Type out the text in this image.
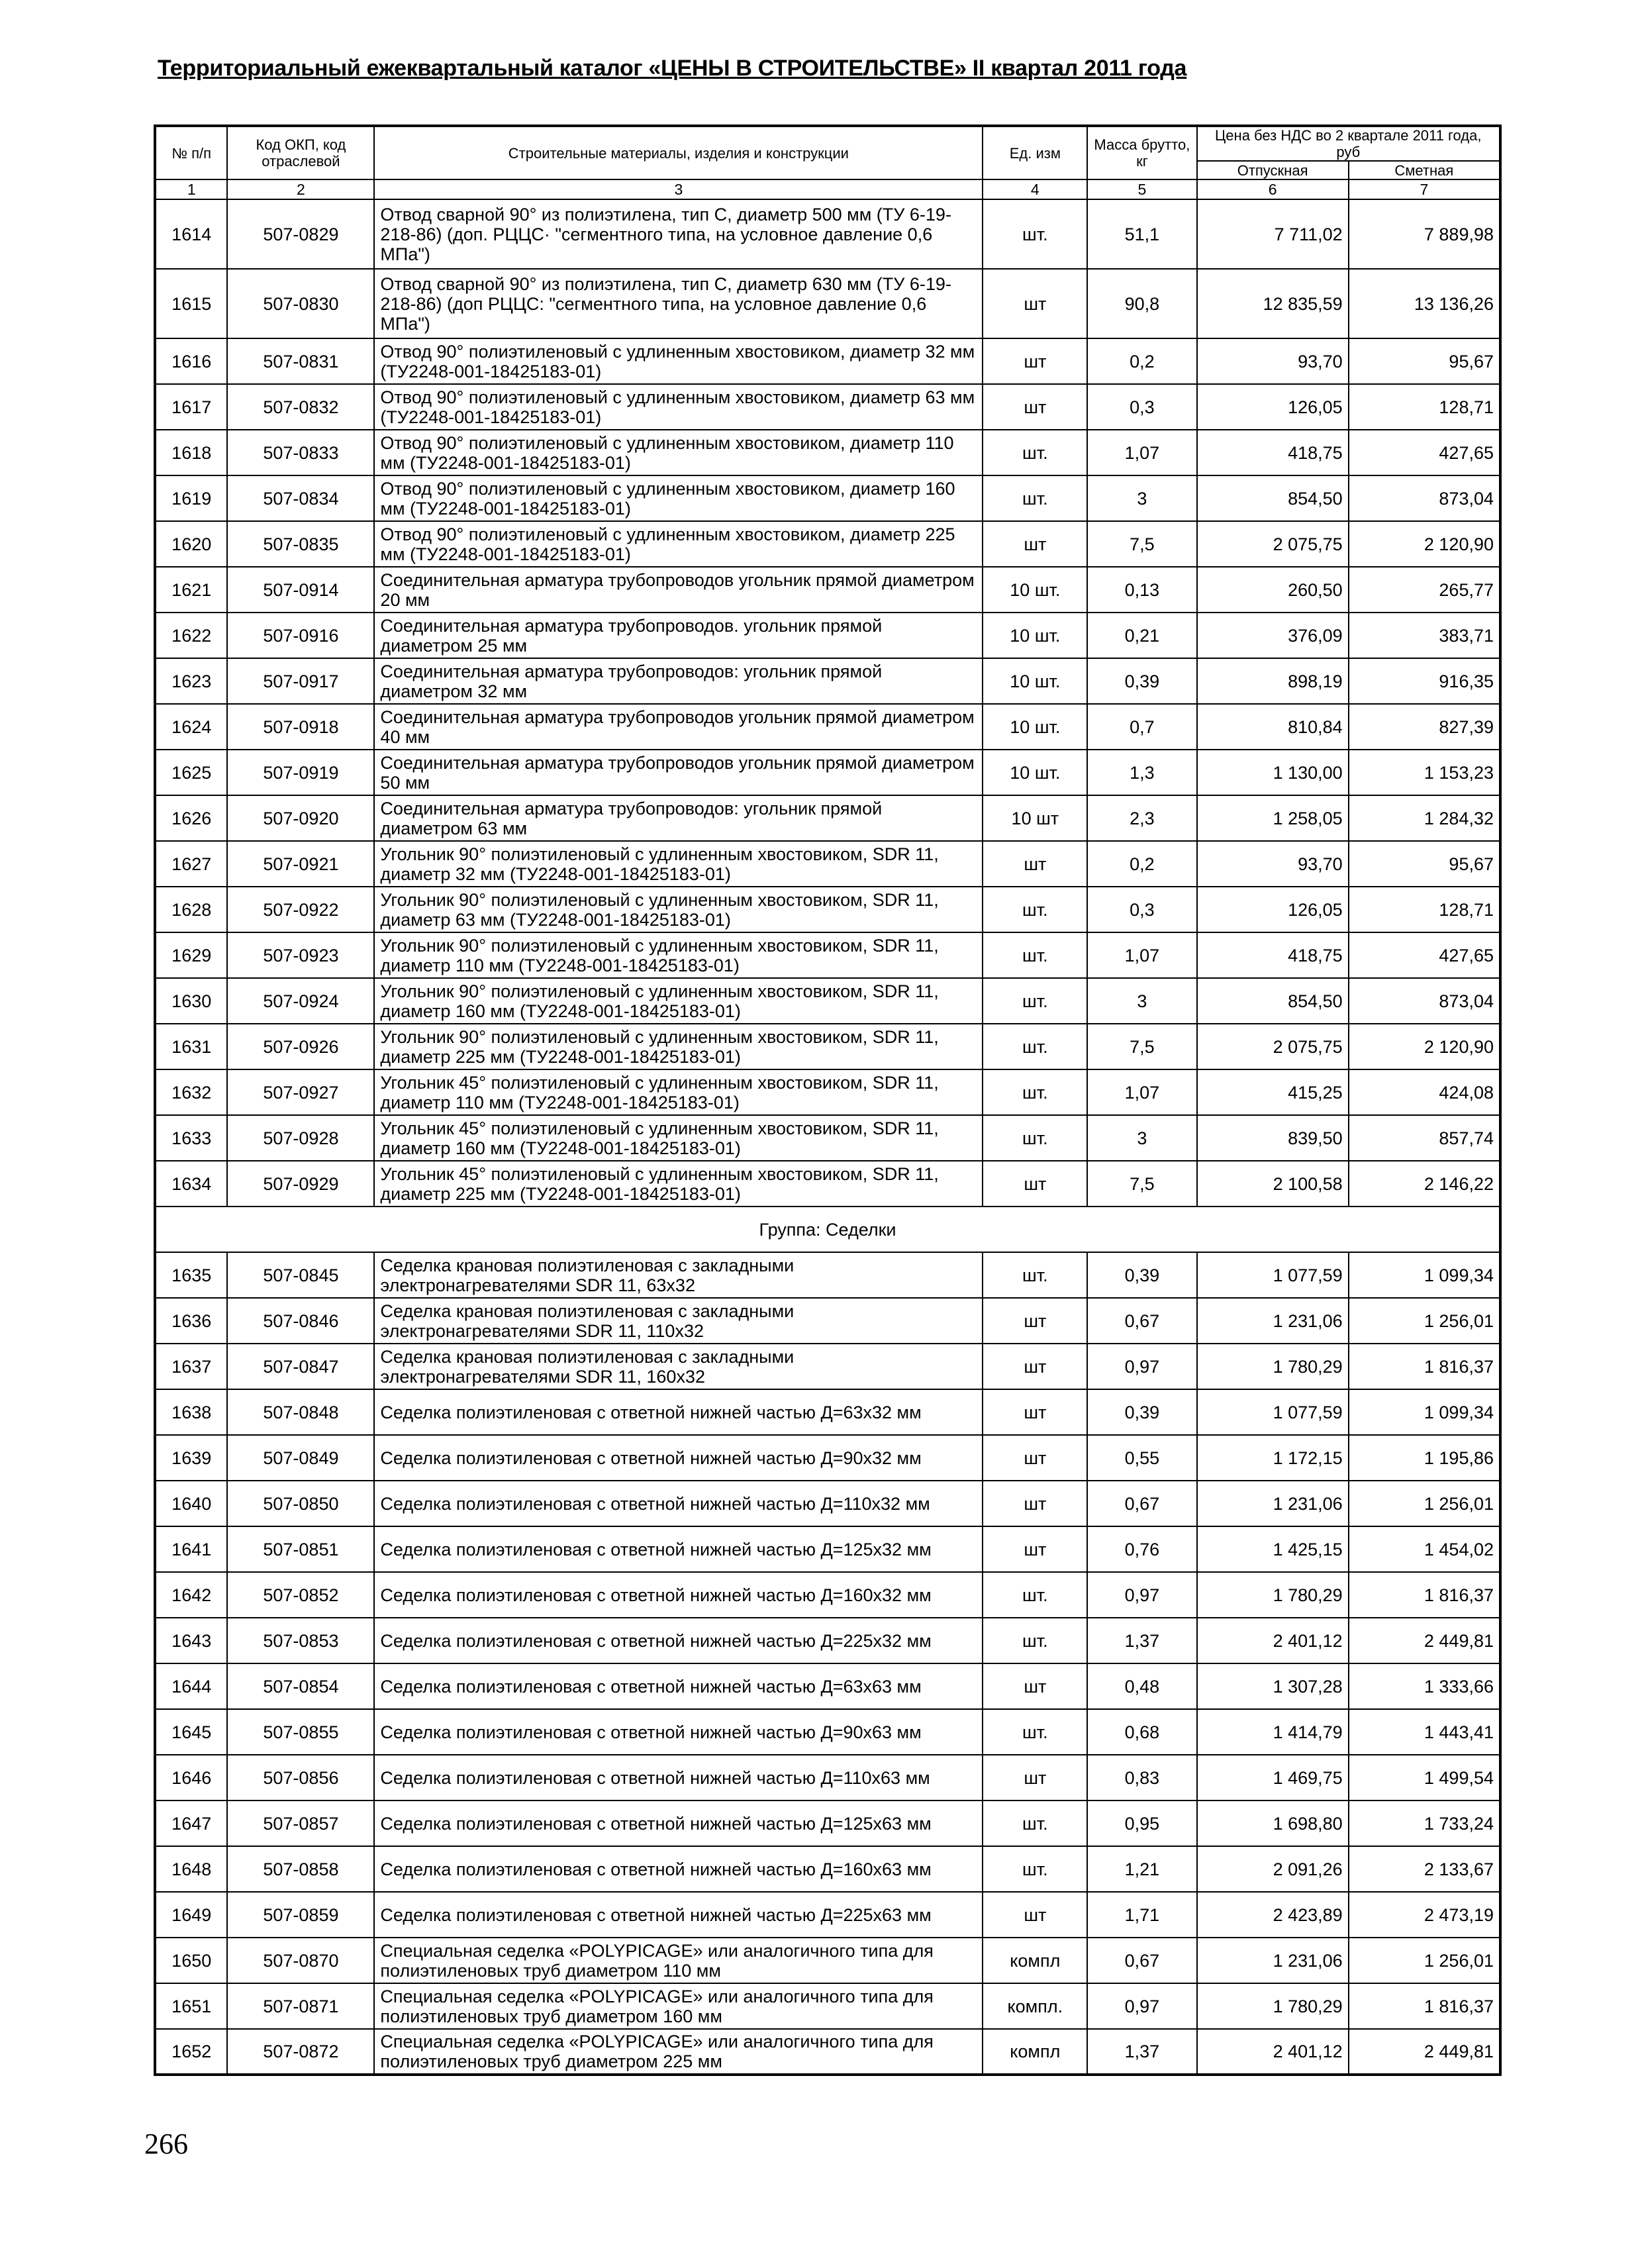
Территориальный ежеквартальный каталог «ЦЕНЫ В СТРОИТЕЛЬСТВЕ» II квартал 2011 года
№ п/п	Код ОКП, код отраслевой	Строительные материалы, изделия и конструкции	Ед. изм	Масса брутто, кг	Цена без НДС во 2 квартале 2011 года, руб	
					Отпускная	Сметная
1	2	3	4	5	6	7
1614	507-0829	Отвод сварной 90° из полиэтилена, тип С, диаметр 500 мм (ТУ 6-19-218-86) (доп. РЦЦС· "сегментного типа, на условное давление 0,6 МПа")	шт.	51,1	7 711,02	7 889,98
1615	507-0830	Отвод сварной 90° из полиэтилена, тип С, диаметр 630 мм (ТУ 6-19-218-86) (доп РЦЦС: "сегментного типа, на условное давление 0,6 МПа")	шт	90,8	12 835,59	13 136,26
1616	507-0831	Отвод 90° полиэтиленовый с удлиненным хвостовиком, диаметр 32 мм (ТУ2248-001-18425183-01)	шт	0,2	93,70	95,67
1617	507-0832	Отвод 90° полиэтиленовый с удлиненным хвостовиком, диаметр 63 мм (ТУ2248-001-18425183-01)	шт	0,3	126,05	128,71
1618	507-0833	Отвод 90° полиэтиленовый с удлиненным хвостовиком, диаметр 110 мм (ТУ2248-001-18425183-01)	шт.	1,07	418,75	427,65
1619	507-0834	Отвод 90° полиэтиленовый с удлиненным хвостовиком, диаметр 160 мм (ТУ2248-001-18425183-01)	шт.	3	854,50	873,04
1620	507-0835	Отвод 90° полиэтиленовый с удлиненным хвостовиком, диаметр 225 мм (ТУ2248-001-18425183-01)	шт	7,5	2 075,75	2 120,90
1621	507-0914	Соединительная арматура трубопроводов угольник прямой диаметром 20 мм	10 шт.	0,13	260,50	265,77
1622	507-0916	Соединительная арматура трубопроводов. угольник прямой диаметром 25 мм	10 шт.	0,21	376,09	383,71
1623	507-0917	Соединительная арматура трубопроводов: угольник прямой диаметром 32 мм	10 шт.	0,39	898,19	916,35
1624	507-0918	Соединительная арматура трубопроводов угольник прямой диаметром 40 мм	10 шт.	0,7	810,84	827,39
1625	507-0919	Соединительная арматура трубопроводов угольник прямой диаметром 50 мм	10 шт.	1,3	1 130,00	1 153,23
1626	507-0920	Соединительная арматура трубопроводов: угольник прямой диаметром 63 мм	10 шт	2,3	1 258,05	1 284,32
1627	507-0921	Угольник 90° полиэтиленовый с удлиненным хвостовиком, SDR 11, диаметр 32 мм (ТУ2248-001-18425183-01)	шт	0,2	93,70	95,67
1628	507-0922	Угольник 90° полиэтиленовый с удлиненным хвостовиком, SDR 11, диаметр 63 мм (ТУ2248-001-18425183-01)	шт.	0,3	126,05	128,71
1629	507-0923	Угольник 90° полиэтиленовый с удлиненным хвостовиком, SDR 11, диаметр 110 мм (ТУ2248-001-18425183-01)	шт.	1,07	418,75	427,65
1630	507-0924	Угольник 90° полиэтиленовый с удлиненным хвостовиком, SDR 11, диаметр 160 мм (ТУ2248-001-18425183-01)	шт.	3	854,50	873,04
1631	507-0926	Угольник 90° полиэтиленовый с удлиненным хвостовиком, SDR 11, диаметр 225 мм (ТУ2248-001-18425183-01)	шт.	7,5	2 075,75	2 120,90
1632	507-0927	Угольник 45° полиэтиленовый с удлиненным хвостовиком, SDR 11, диаметр 110 мм (ТУ2248-001-18425183-01)	шт.	1,07	415,25	424,08
1633	507-0928	Угольник 45° полиэтиленовый с удлиненным хвостовиком, SDR 11, диаметр 160 мм (ТУ2248-001-18425183-01)	шт.	3	839,50	857,74
1634	507-0929	Угольник 45° полиэтиленовый с удлиненным хвостовиком, SDR 11, диаметр 225 мм (ТУ2248-001-18425183-01)	шт	7,5	2 100,58	2 146,22
Группа: Седелки						
1635	507-0845	Седелка крановая полиэтиленовая с закладными электронагревателями SDR 11, 63x32	шт.	0,39	1 077,59	1 099,34
1636	507-0846	Седелка крановая полиэтиленовая с закладными электронагревателями SDR 11, 110x32	шт	0,67	1 231,06	1 256,01
1637	507-0847	Седелка крановая полиэтиленовая с закладными электронагревателями SDR 11, 160x32	шт	0,97	1 780,29	1 816,37
1638	507-0848	Седелка полиэтиленовая с ответной нижней частью Д=63x32 мм	шт	0,39	1 077,59	1 099,34
1639	507-0849	Седелка полиэтиленовая с ответной нижней частью Д=90x32 мм	шт	0,55	1 172,15	1 195,86
1640	507-0850	Седелка полиэтиленовая с ответной нижней частью Д=110x32 мм	шт	0,67	1 231,06	1 256,01
1641	507-0851	Седелка полиэтиленовая с ответной нижней частью Д=125x32 мм	шт	0,76	1 425,15	1 454,02
1642	507-0852	Седелка полиэтиленовая с ответной нижней частью Д=160x32 мм	шт.	0,97	1 780,29	1 816,37
1643	507-0853	Седелка полиэтиленовая с ответной нижней частью Д=225x32 мм	шт.	1,37	2 401,12	2 449,81
1644	507-0854	Седелка полиэтиленовая с ответной нижней частью Д=63x63 мм	шт	0,48	1 307,28	1 333,66
1645	507-0855	Седелка полиэтиленовая с ответной нижней частью Д=90x63 мм	шт.	0,68	1 414,79	1 443,41
1646	507-0856	Седелка полиэтиленовая с ответной нижней частью Д=110x63 мм	шт	0,83	1 469,75	1 499,54
1647	507-0857	Седелка полиэтиленовая с ответной нижней частью Д=125x63 мм	шт.	0,95	1 698,80	1 733,24
1648	507-0858	Седелка полиэтиленовая с ответной нижней частью Д=160x63 мм	шт.	1,21	2 091,26	2 133,67
1649	507-0859	Седелка полиэтиленовая с ответной нижней частью Д=225x63 мм	шт	1,71	2 423,89	2 473,19
1650	507-0870	Специальная седелка «POLYPICAGE» или аналогичного типа для полиэтиленовых труб диаметром 110 мм	компл	0,67	1 231,06	1 256,01
1651	507-0871	Специальная седелка «POLYPICAGE» или аналогичного типа для полиэтиленовых труб диаметром 160 мм	компл.	0,97	1 780,29	1 816,37
1652	507-0872	Специальная седелка «POLYPICAGE» или аналогичного типа для полиэтиленовых труб диаметром 225 мм	компл	1,37	2 401,12	2 449,81
266
